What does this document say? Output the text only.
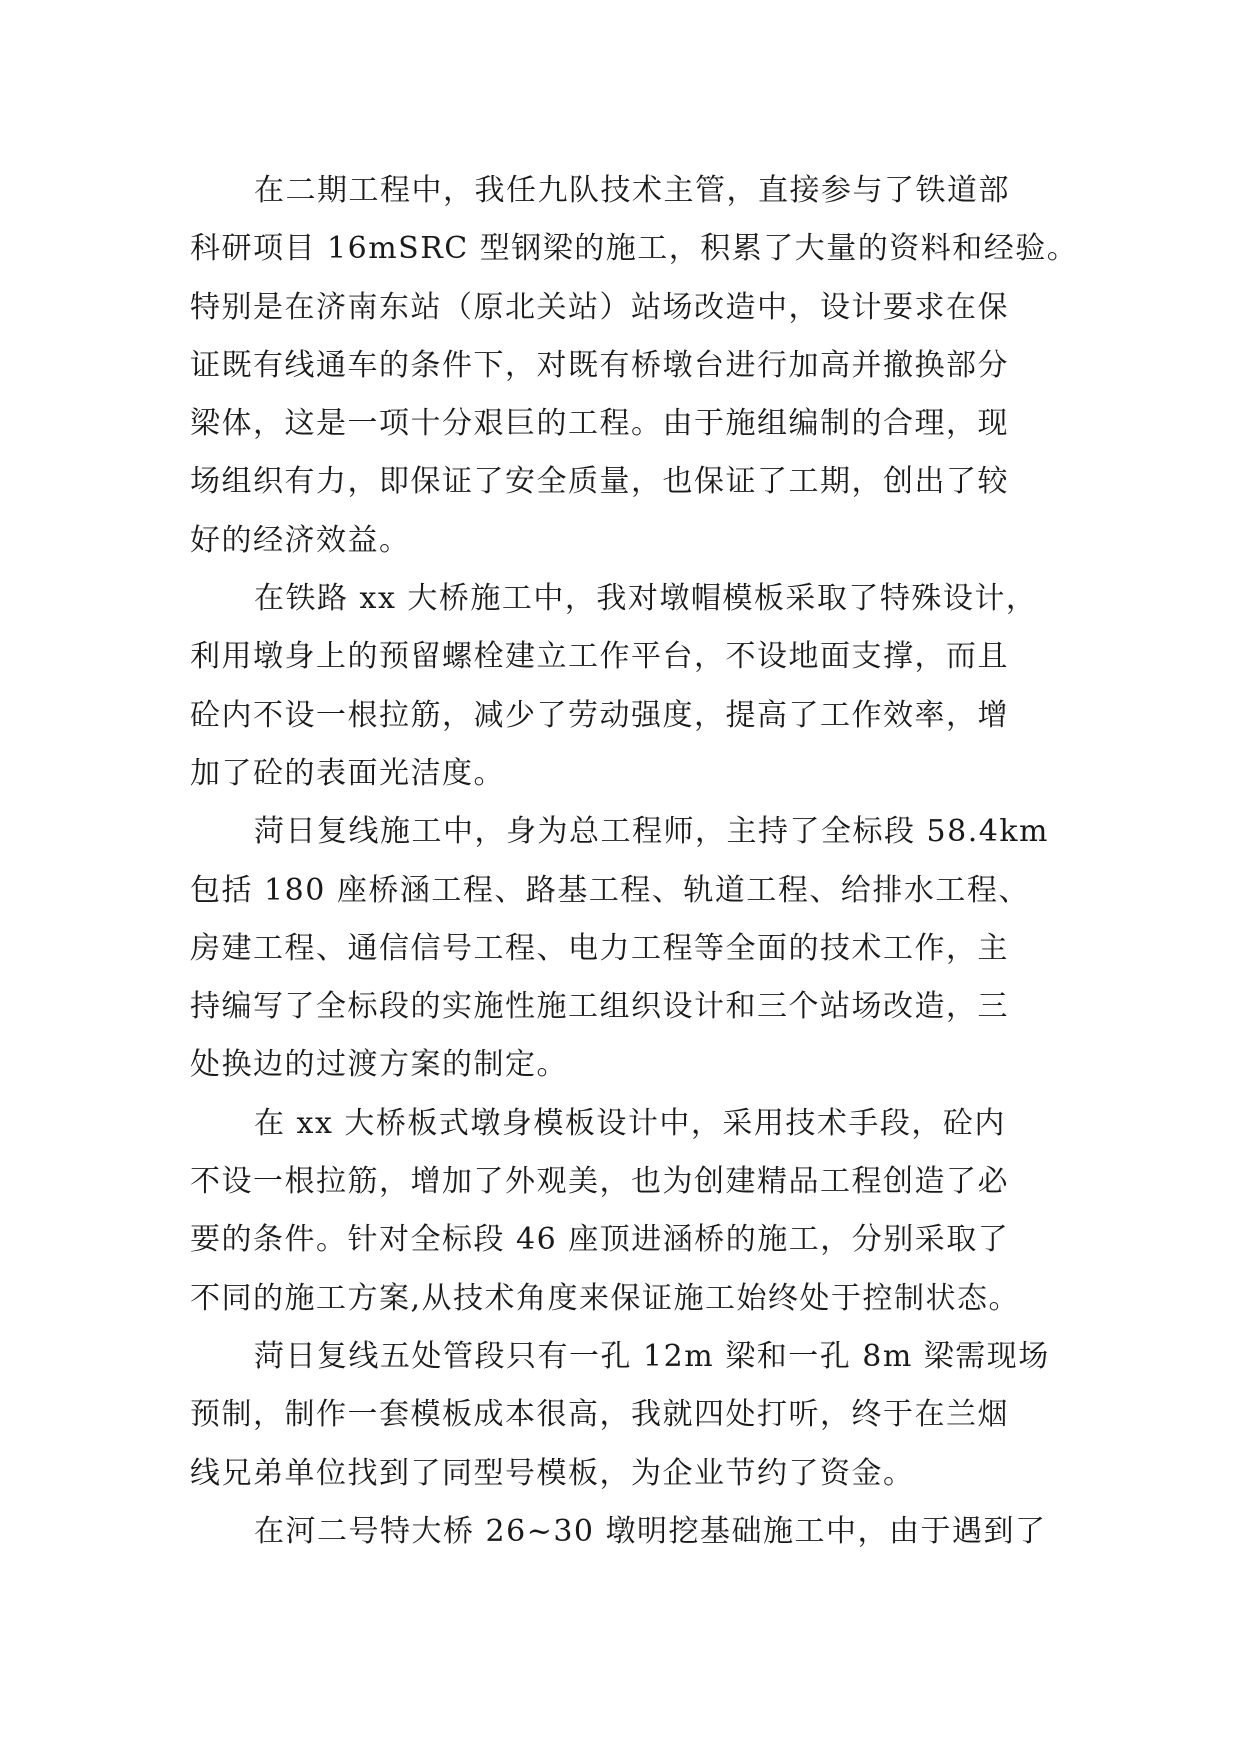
在二期工程中，我任九队技术主管，直接参与了铁道部
科研项目 16mSRC 型钢梁的施工，积累了大量的资料和经验。
特别是在济南东站（原北关站）站场改造中，设计要求在保
证既有线通车的条件下，对既有桥墩台进行加高并撤换部分
梁体，这是一项十分艰巨的工程。由于施组编制的合理，现
场组织有力，即保证了安全质量，也保证了工期，创出了较
好的经济效益。
在铁路 xx 大桥施工中，我对墩帽模板采取了特殊设计，
利用墩身上的预留螺栓建立工作平台，不设地面支撑，而且
砼内不设一根拉筋，减少了劳动强度，提高了工作效率，增
加了砼的表面光洁度。
菏日复线施工中，身为总工程师，主持了全标段 58.4km
包括 180 座桥涵工程、路基工程、轨道工程、给排水工程、
房建工程、通信信号工程、电力工程等全面的技术工作，主
持编写了全标段的实施性施工组织设计和三个站场改造，三
处换边的过渡方案的制定。
在 xx 大桥板式墩身模板设计中，采用技术手段，砼内
不设一根拉筋，增加了外观美，也为创建精品工程创造了必
要的条件。针对全标段 46 座顶进涵桥的施工，分别采取了
不同的施工方案,从技术角度来保证施工始终处于控制状态。
菏日复线五处管段只有一孔 12m 梁和一孔 8m 梁需现场
预制，制作一套模板成本很高，我就四处打听，终于在兰烟
线兄弟单位找到了同型号模板，为企业节约了资金。
在河二号特大桥 26~30 墩明挖基础施工中，由于遇到了
